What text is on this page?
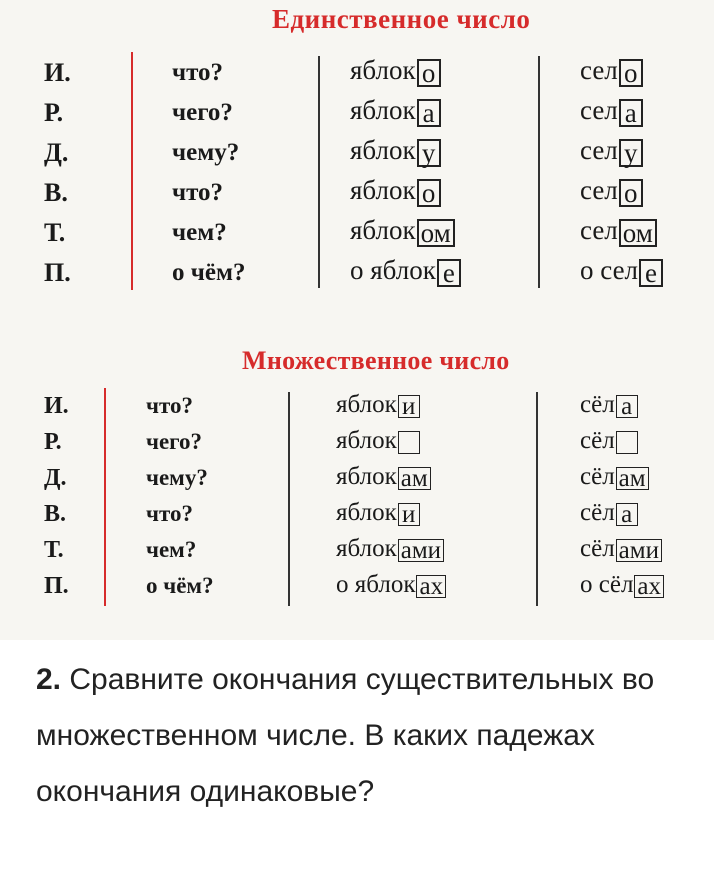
Единственное число
Множественное число
И.	что?	яблок о	сел о
Р.	чего?	яблок а	сел а
Д.	чему?	яблок у	сел у
В.	что?	яблок о	сел о
Т.	чем?	яблок ом	сел ом
П.	о чём?	о яблок е	о сел е
И.	что?	яблок и	сёл а
Р.	чего?	яблок	сёл
Д.	чему?	яблок ам	сёл ам
В.	что?	яблок и	сёл а
Т.	чем?	яблок ами	сёл ами
П.	о чём?	о яблок ах	о сёл ах
2. Сравните окончания существительных во множественном числе. В каких падежах окончания одинаковые?
